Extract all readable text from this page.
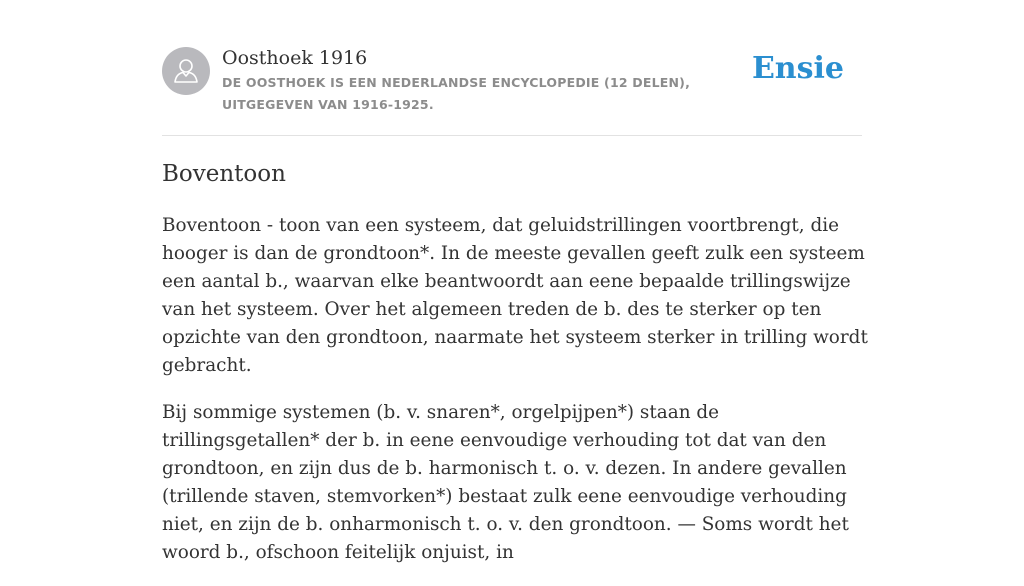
Oosthoek 1916
DE OOSTHOEK IS EEN NEDERLANDSE ENCYCLOPEDIE (12 DELEN), UITGEGEVEN VAN 1916-1925.
Ensie
Boventoon

Boventoon - toon van een systeem, dat geluidstrillingen voortbrengt, die hooger is dan de grondtoon*. In de meeste gevallen geeft zulk een systeem een aantal b., waarvan elke beantwoordt aan eene bepaalde trillingswijze van het systeem. Over het algemeen treden de b. des te sterker op ten opzichte van den grondtoon, naarmate het systeem sterker in trilling wordt gebracht.

Bij sommige systemen (b. v. snaren*, orgelpijpen*) staan de trillingsgetallen* der b. in eene eenvoudige verhouding tot dat van den grondtoon, en zijn dus de b. harmonisch t. o. v. dezen. In andere gevallen (trillende staven, stemvorken*) bestaat zulk eene eenvoudige verhouding niet, en zijn de b. onharmonisch t. o. v. den grondtoon. — Soms wordt het woord b., ofschoon feitelijk onjuist, in
